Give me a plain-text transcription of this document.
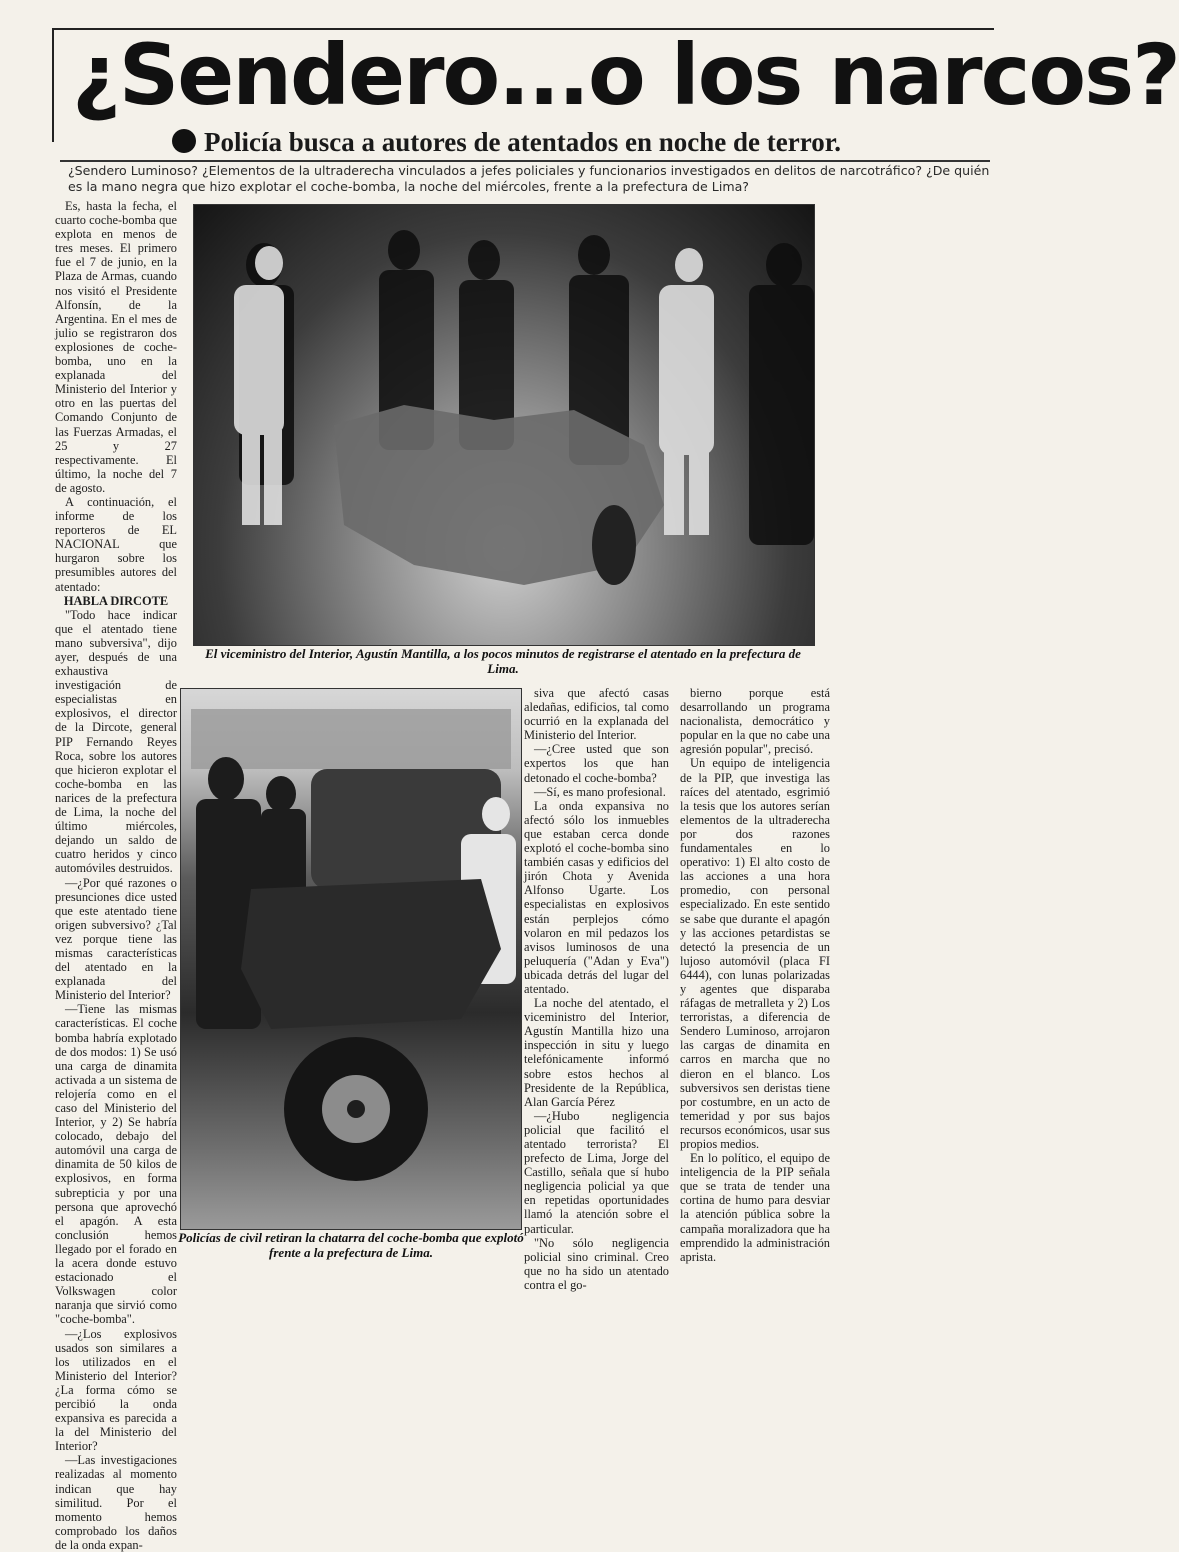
¿Sendero...o los narcos?
Policía busca a autores de atentados en noche de terror.
¿Sendero Luminoso? ¿Elementos de la ultraderecha vinculados a jefes policiales y funcionarios investigados en delitos de narcotráfico? ¿De quién es la mano negra que hizo explotar el coche-bomba, la noche del miércoles, frente a la prefectura de Lima?

Es, hasta la fecha, el cuarto coche-bomba que explota en menos de tres meses. El primero fue el 7 de junio, en la Plaza de Armas, cuando nos visitó el Presidente Alfonsín, de la Argentina. En el mes de julio se registraron dos explosiones de coche-bomba, uno en la explanada del Ministerio del Interior y otro en las puertas del Comando Conjunto de las Fuerzas Armadas, el 25 y 27 respectivamente. El último, la noche del 7 de agosto.

A continuación, el informe de los reporteros de EL NACIONAL que hurgaron sobre los presumibles autores del atentado:

HABLA DIRCOTE

"Todo hace indicar que el atentado tiene mano subversiva", dijo ayer, después de una exhaustiva investigación de especialistas en explosivos, el director de la Dircote, general PIP Fernando Reyes Roca, sobre los autores que hicieron explotar el coche-bomba en las narices de la prefectura de Lima, la noche del último miércoles, dejando un saldo de cuatro heridos y cinco automóviles destruidos.

—¿Por qué razones o presunciones dice usted que este atentado tiene origen subversivo? ¿Tal vez porque tiene las mismas características del atentado en la explanada del Ministerio del Interior?

—Tiene las mismas características. El coche bomba habría explotado de dos modos: 1) Se usó una carga de dinamita activada a un sistema de relojería como en el caso del Ministerio del Interior, y 2) Se habría colocado, debajo del automóvil una carga de dinamita de 50 kilos de explosivos, en forma subrepticia y por una persona que aprovechó el apagón. A esta conclusión hemos llegado por el forado en la acera donde estuvo estacionado el Volkswagen color naranja que sirvió como "coche-bomba".

—¿Los explosivos usados son similares a los utilizados en el Ministerio del Interior? ¿La forma cómo se percibió la onda expansiva es parecida a la del Ministerio del Interior?

—Las investigaciones realizadas al momento indican que hay similitud. Por el momento hemos comprobado los daños de la onda expan-

El viceministro del Interior, Agustín Mantilla, a los pocos minutos de registrarse el atentado en la prefectura de Lima.
Policías de civil retiran la chatarra del coche-bomba que explotó frente a la prefectura de Lima.

siva que afectó casas aledañas, edificios, tal como ocurrió en la explanada del Ministerio del Interior.

—¿Cree usted que son expertos los que han detonado el coche-bomba?

—Sí, es mano profesional.

La onda expansiva no afectó sólo los inmuebles que estaban cerca donde explotó el coche-bomba sino también casas y edificios del jirón Chota y Avenida Alfonso Ugarte. Los especialistas en explosivos están perplejos cómo volaron en mil pedazos los avisos luminosos de una peluquería ("Adan y Eva") ubicada detrás del lugar del atentado.

La noche del atentado, el viceministro del Interior, Agustín Mantilla hizo una inspección in situ y luego telefónicamente informó sobre estos hechos al Presidente de la República, Alan García Pérez

—¿Hubo negligencia policial que facilitó el atentado terrorista? El prefecto de Lima, Jorge del Castillo, señala que sí hubo negligencia policial ya que en repetidas oportunidades llamó la atención sobre el particular.

"No sólo negligencia policial sino criminal. Creo que no ha sido un atentado contra el go-

bierno porque está desarrollando un programa nacionalista, democrático y popular en la que no cabe una agresión popular", precisó.

Un equipo de inteligencia de la PIP, que investiga las raíces del atentado, esgrimió la tesis que los autores serían elementos de la ultraderecha por dos razones fundamentales en lo operativo: 1) El alto costo de las acciones a una hora promedio, con personal especializado. En este sentido se sabe que durante el apagón y las acciones petardistas se detectó la presencia de un lujoso automóvil (placa FI 6444), con lunas polarizadas y agentes que disparaba ráfagas de metralleta y 2) Los terroristas, a diferencia de Sendero Luminoso, arrojaron las cargas de dinamita en carros en marcha que no dieron en el blanco. Los subversivos sen deristas tiene por costumbre, en un acto de temeridad y por sus bajos recursos económicos, usar sus propios medios.

En lo político, el equipo de inteligencia de la PIP señala que se trata de tender una cortina de humo para desviar la atención pública sobre la campaña moralizadora que ha emprendido la administración aprista.
